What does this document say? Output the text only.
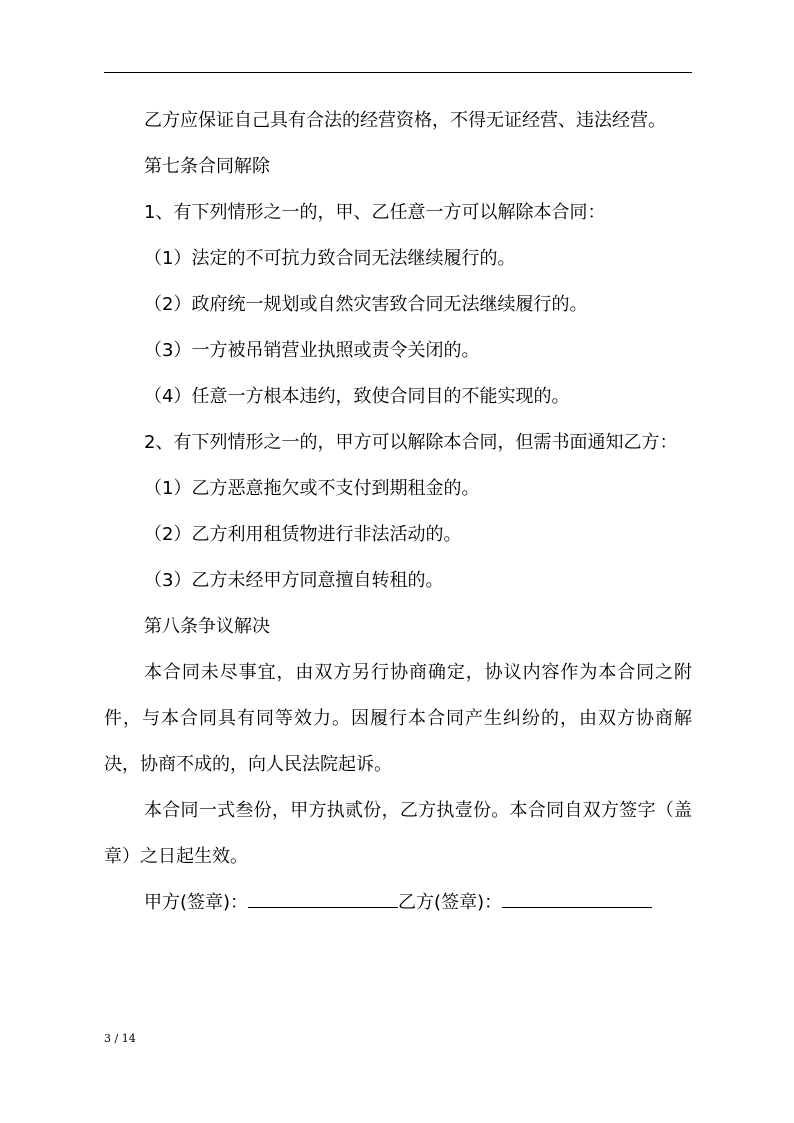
乙方应保证自己具有合法的经营资格，不得无证经营、违法经营。

第七条合同解除

1、有下列情形之一的，甲、乙任意一方可以解除本合同：

（1）法定的不可抗力致合同无法继续履行的。

（2）政府统一规划或自然灾害致合同无法继续履行的。

（3）一方被吊销营业执照或责令关闭的。

（4）任意一方根本违约，致使合同目的不能实现的。

2、有下列情形之一的，甲方可以解除本合同，但需书面通知乙方：

（1）乙方恶意拖欠或不支付到期租金的。

（2）乙方利用租赁物进行非法活动的。

（3）乙方未经甲方同意擅自转租的。

第八条争议解决

本合同未尽事宜，由双方另行协商确定，协议内容作为本合同之附件，与本合同具有同等效力。因履行本合同产生纠纷的，由双方协商解决，协商不成的，向人民法院起诉。

本合同一式叁份，甲方执贰份，乙方执壹份。本合同自双方签字（盖章）之日起生效。

甲方(签章)：	乙方(签章)：
3 / 14
